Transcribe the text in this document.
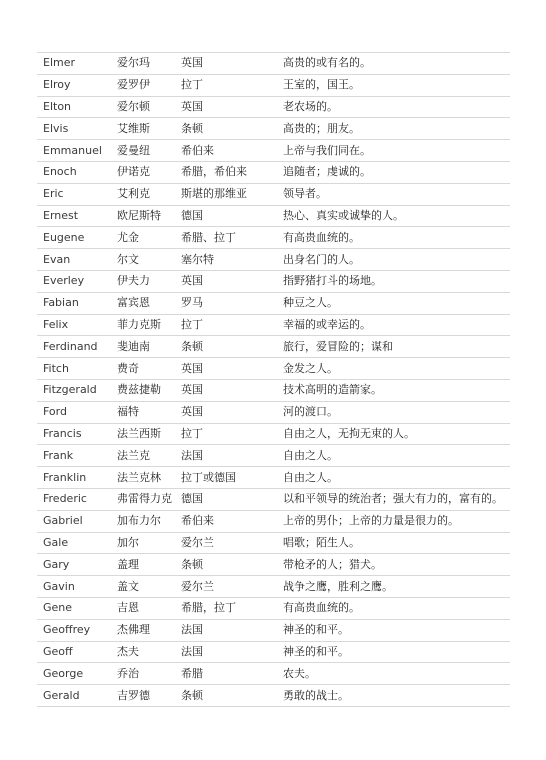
Elmer	爱尔玛	英国	高贵的或有名的。
Elroy	爱罗伊	拉丁	王室的，国王。
Elton	爱尔顿	英国	老农场的。
Elvis	艾维斯	条顿	高贵的；朋友。
Emmanuel	爱曼纽	希伯来	上帝与我们同在。
Enoch	伊诺克	希腊，希伯来	追随者；虔诚的。
Eric	艾利克	斯堪的那维亚	领导者。
Ernest	欧尼斯特	德国	热心、真实或诚挚的人。
Eugene	尤金	希腊、拉丁	有高贵血统的。
Evan	尔文	塞尔特	出身名门的人。
Everley	伊夫力	英国	指野猪打斗的场地。
Fabian	富宾恩	罗马	种豆之人。
Felix	菲力克斯	拉丁	幸福的或幸运的。
Ferdinand	斐迪南	条顿	旅行，爱冒险的；谋和
Fitch	费奇	英国	金发之人。
Fitzgerald	费兹捷勒	英国	技术高明的造箭家。
Ford	福特	英国	河的渡口。
Francis	法兰西斯	拉丁	自由之人，无拘无束的人。
Frank	法兰克	法国	自由之人。
Franklin	法兰克林	拉丁或德国	自由之人。
Frederic	弗雷得力克	德国	以和平领导的统治者；强大有力的，富有的。
Gabriel	加布力尔	希伯来	上帝的男仆；上帝的力量是很力的。
Gale	加尔	爱尔兰	唱歌；陌生人。
Gary	盖理	条顿	带枪矛的人；猎犬。
Gavin	盖文	爱尔兰	战争之鹰，胜利之鹰。
Gene	吉恩	希腊，拉丁	有高贵血统的。
Geoffrey	杰佛理	法国	神圣的和平。
Geoff	杰夫	法国	神圣的和平。
George	乔治	希腊	农夫。
Gerald	吉罗德	条顿	勇敢的战士。
